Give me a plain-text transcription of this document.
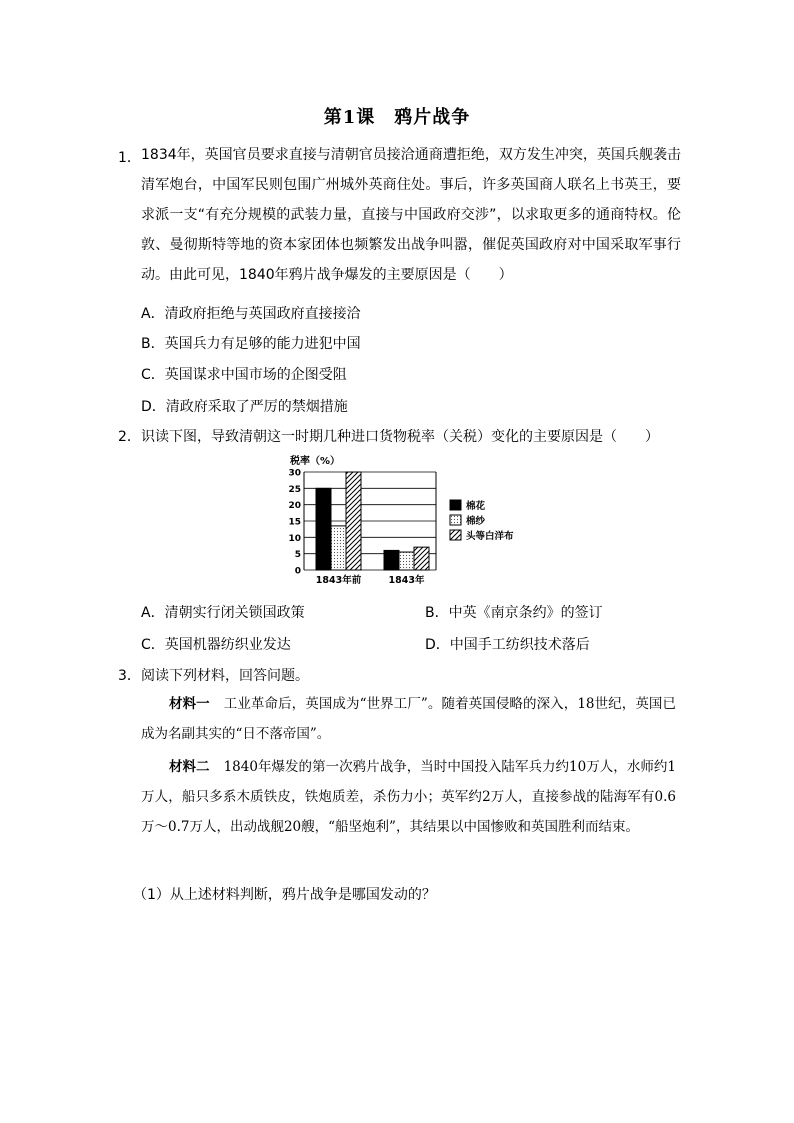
第1课　鸦片战争
1． 1834年，英国官员要求直接与清朝官员接洽通商遭拒绝，双方发生冲突，英国兵舰袭击清军炮台，中国军民则包围广州城外英商住处。事后，许多英国商人联名上书英王，要求派一支“有充分规模的武装力量，直接与中国政府交涉”，以求取更多的通商特权。伦敦、曼彻斯特等地的资本家团体也频繁发出战争叫嚣，催促英国政府对中国采取军事行动。由此可见，1840年鸦片战争爆发的主要原因是（　　）
A．清政府拒绝与英国政府直接接洽
B．英国兵力有足够的能力进犯中国
C．英国谋求中国市场的企图受阻
D．清政府采取了严厉的禁烟措施
2． 识读下图，导致清朝这一时期几种进口货物税率（关税）变化的主要原因是（　　）
税率（%）
0
5
10
15
20
25
30
1843年前	1843年
棉花
棉纱
头等白洋布
A．清朝实行闭关锁国政策	B．中英《南京条约》的签订
C．英国机器纺织业发达	D．中国手工纺织技术落后
3． 阅读下列材料，回答问题。
材料一 工业革命后，英国成为“世界工厂”。随着英国侵略的深入，18世纪，英国已成为名副其实的“日不落帝国”。
材料二 1840年爆发的第一次鸦片战争，当时中国投入陆军兵力约10万人，水师约1万人，船只多系木质铁皮，铁炮质差，杀伤力小；英军约2万人，直接参战的陆海军有0.6万～0.7万人，出动战舰20艘，“船坚炮利”，其结果以中国惨败和英国胜利而结束。
（1）从上述材料判断，鸦片战争是哪国发动的？
